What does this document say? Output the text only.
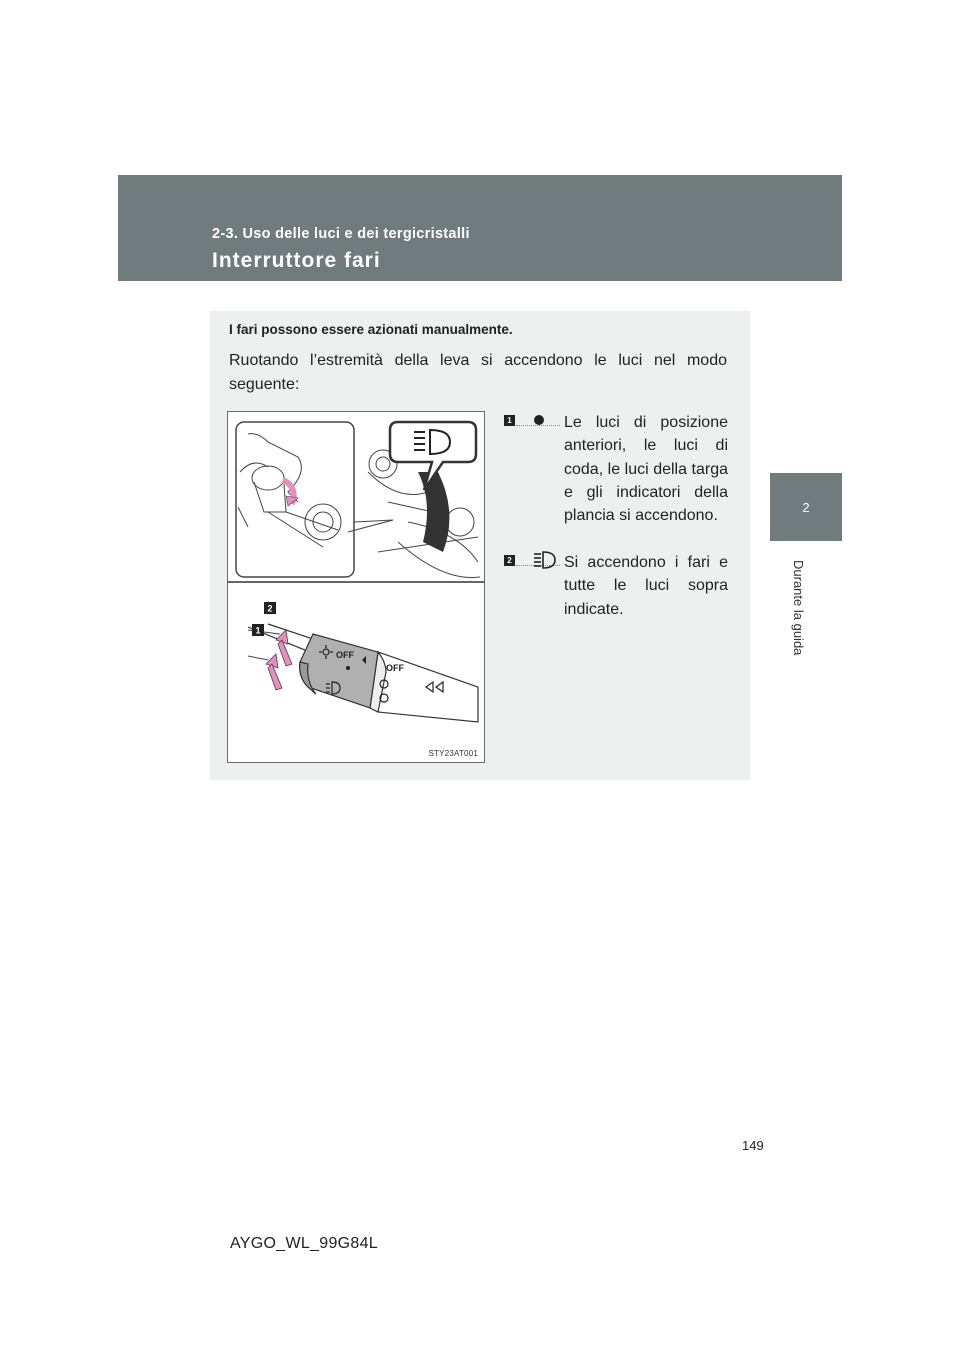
2-3. Uso delle luci e dei tergicristalli

Interruttore fari
2
Durante la guida

I fari possono essere azionati manualmente.

Ruotando l’estremità della leva si accendono le luci nel modo seguente:

OFF
OFF
2
1
STY23AT001
1	Le luci di posizione anteriori, le luci di coda, le luci della targa e gli indicatori della plancia si accendono.

2	Si accendono i fari e tutte le luci sopra indicate.

149
AYGO_WL_99G84L
